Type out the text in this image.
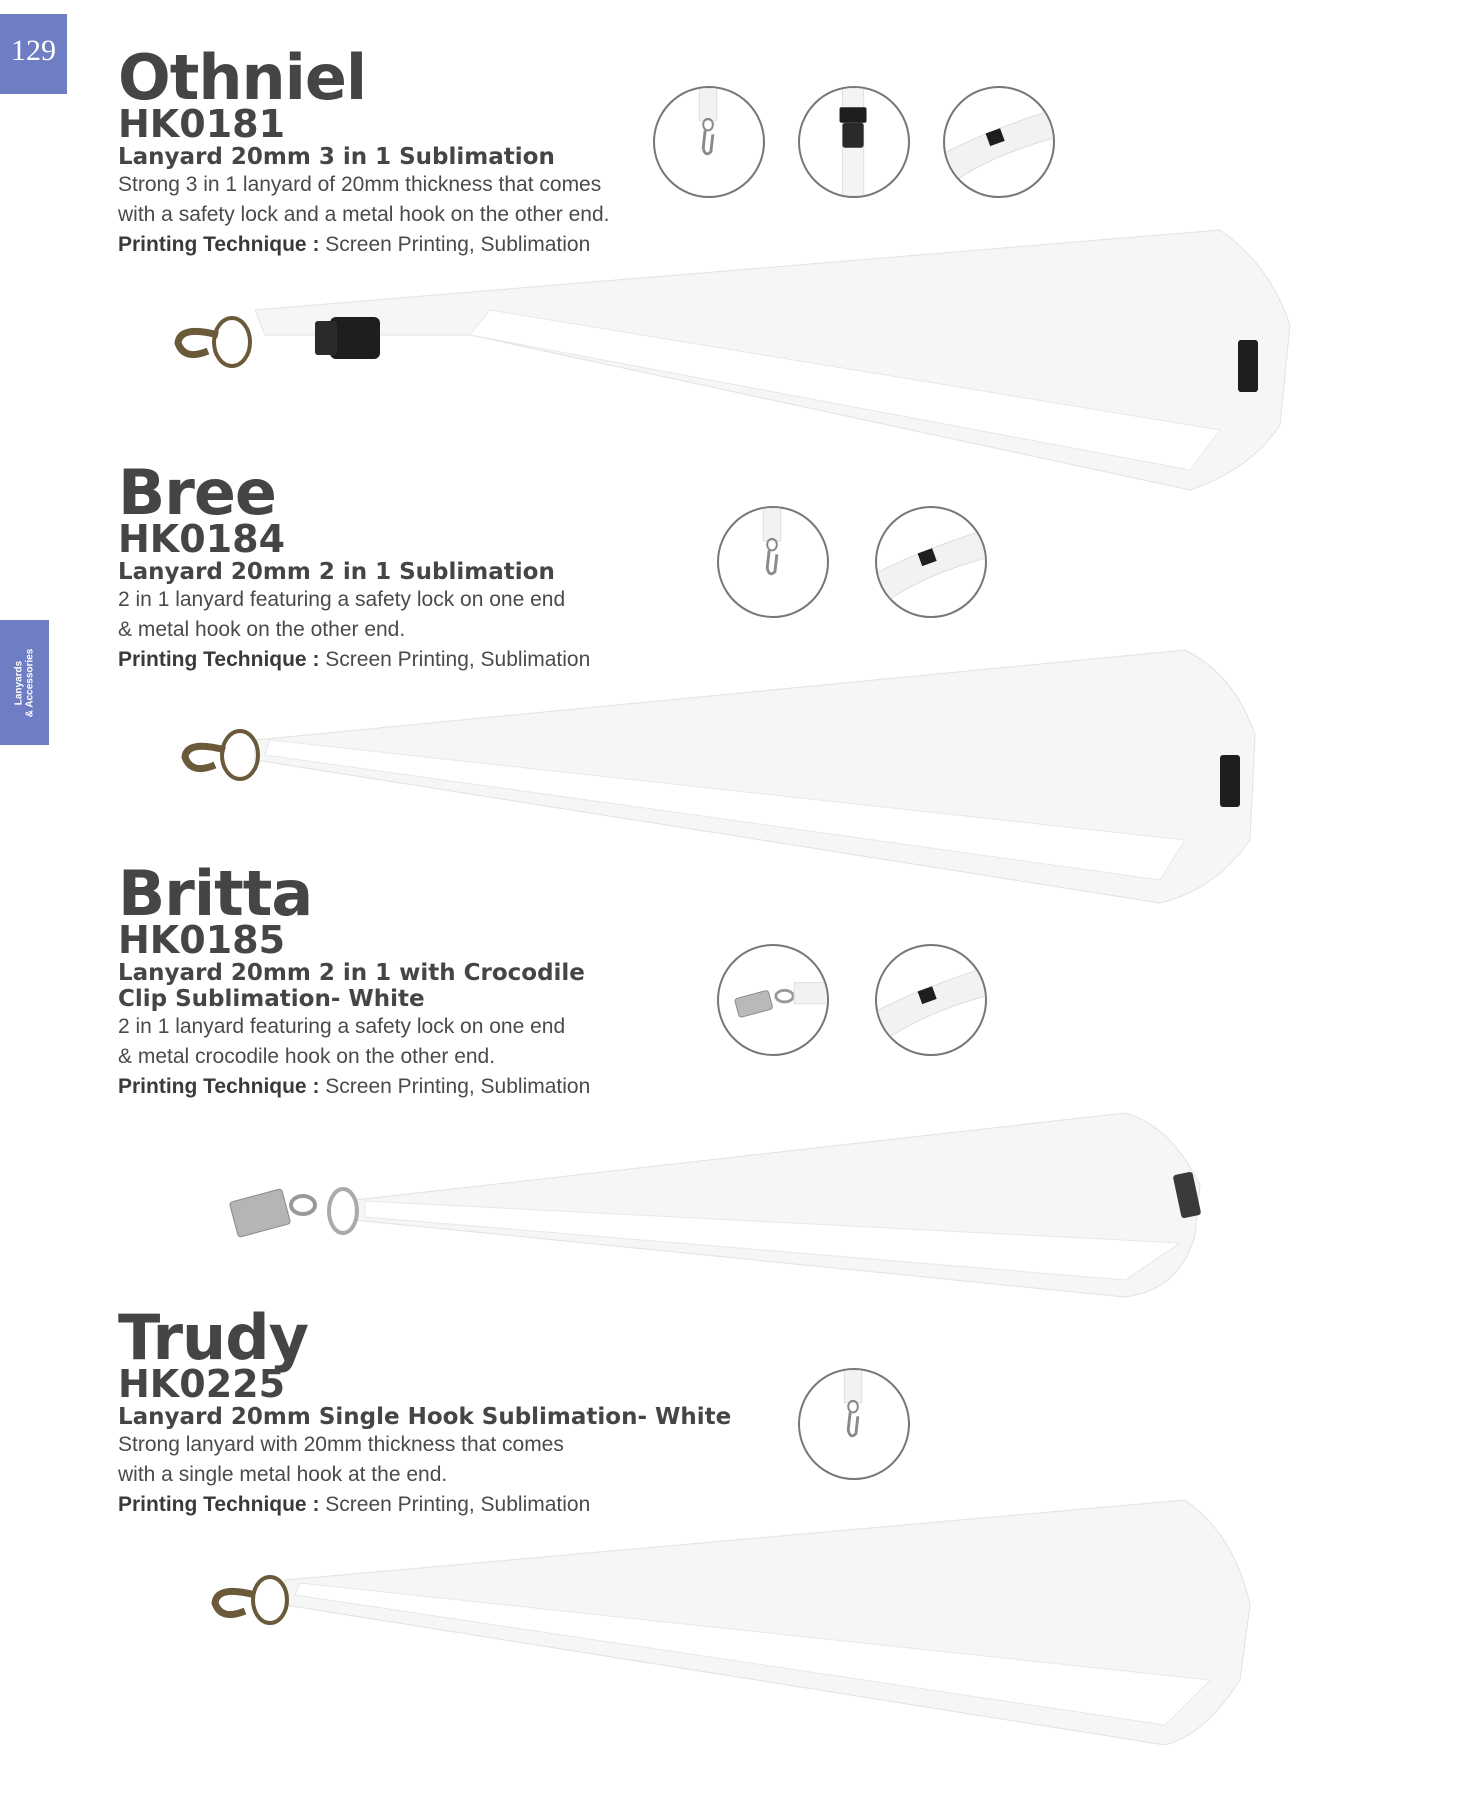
129
Lanyards & Accessories
Othniel
HK0181
Lanyard 20mm 3 in 1 Sublimation
Strong 3 in 1 lanyard of 20mm thickness that comes
with a safety lock and a metal hook on the other end.
Printing Technique : Screen Printing, Sublimation
Bree
HK0184
Lanyard 20mm 2 in 1 Sublimation
2 in 1 lanyard featuring a safety lock on one end
& metal hook on the other end.
Printing Technique : Screen Printing, Sublimation
Britta
HK0185
Lanyard 20mm 2 in 1 with Crocodile
Clip Sublimation- White
2 in 1 lanyard featuring a safety lock on one end
& metal crocodile hook on the other end.
Printing Technique : Screen Printing, Sublimation
Trudy
HK0225
Lanyard 20mm Single Hook Sublimation- White
Strong lanyard with 20mm thickness that comes
with a single metal hook at the end.
Printing Technique : Screen Printing, Sublimation
